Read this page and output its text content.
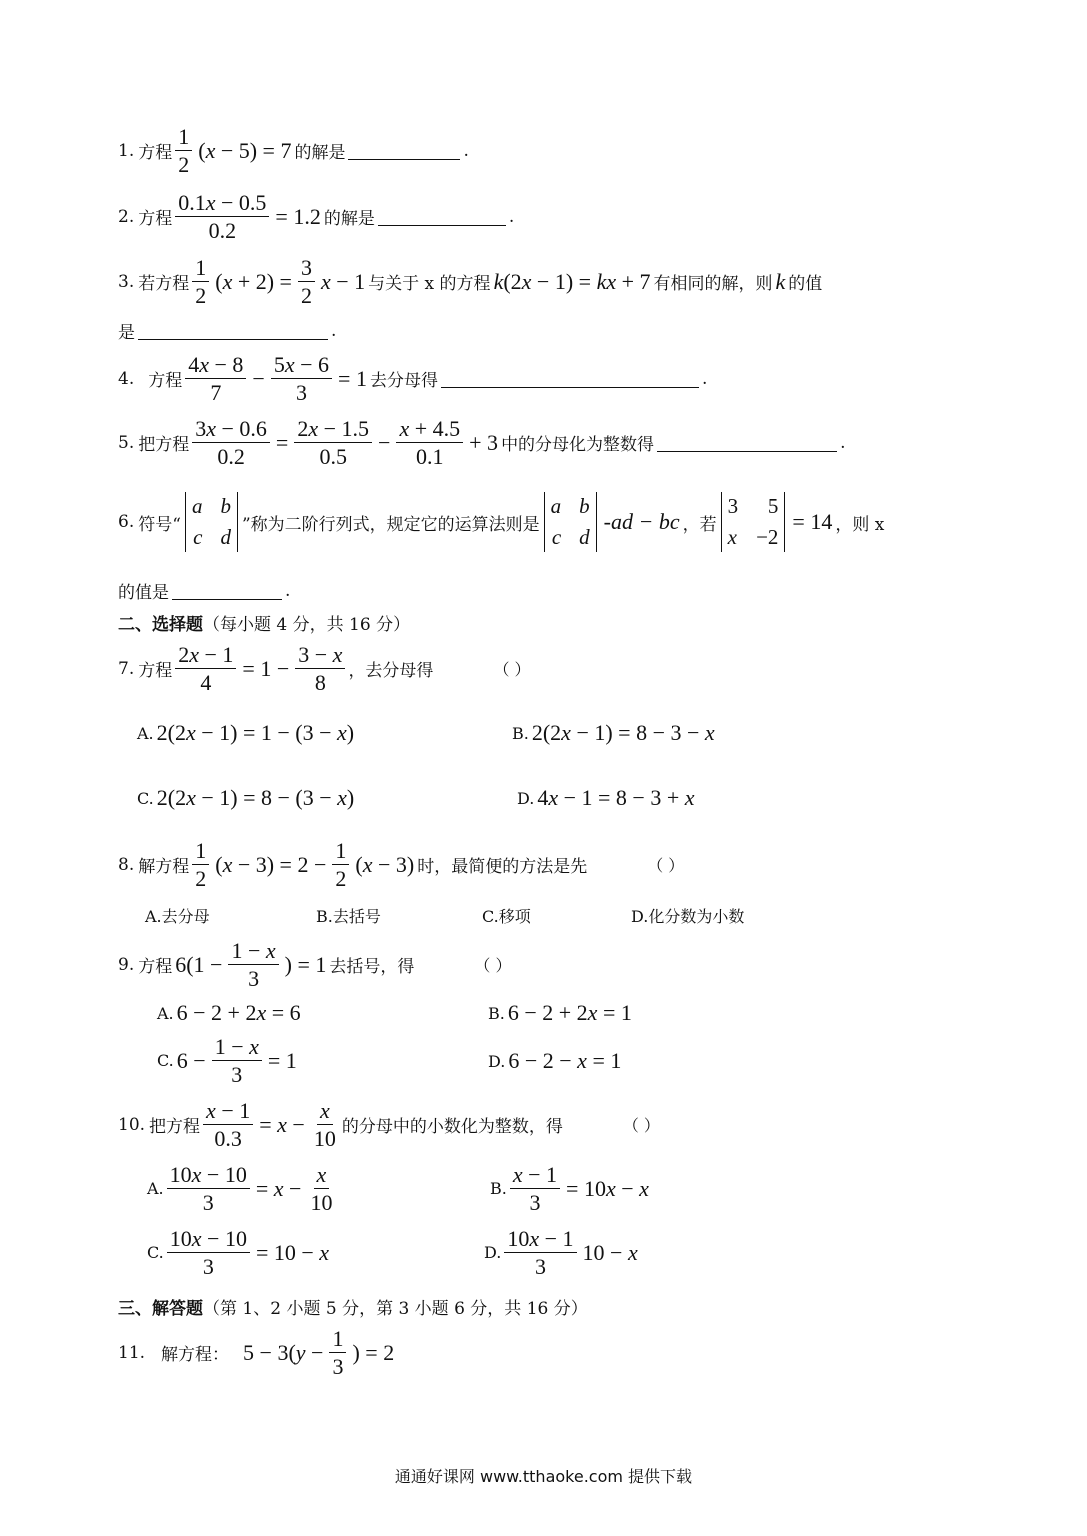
1. 方程 $\frac{1}{2} (x - 5) = 7$ 的解是	.
2. 方程 $\frac{0.1x - 0.5}{0.2} = 1.2$ 的解是	.
3. 若方程 $\frac{1}{2} (x + 2) = \frac{3}{2}$ x − 1 与关于 x 的方程 k(2x − 1) = kx + 7 有相同的解，则 k 的值
是	.
4. 方程 $\frac{4x - 8}{7} - \frac{5x - 6}{3} = 1$ 去分母得	.
5. 把方程 $\frac{3x - 0.6}{0.2} = \frac{2x - 1.5}{0.5} - \frac{x + 4.5}{0.1} + 3$ 中的分母化为整数得	.
6. 符号“
a b
c d
”称为二阶行列式，规定它的运算法则是
a b
c d
-ad − bc ，若
3	5
x −2
= 14 ，则 x
的值是	.
二、选择题（每小题 4 分，共 16 分）
7. 方程 $\frac{2x - 1}{4} = 1 - \frac{3 - x}{8}$ ，去分母得	（ ）
A. 2(2x − 1) = 1 − (3 − x)	B. 2(2x − 1) = 8 − 3 − x
C. 2(2x − 1) = 8 − (3 − x)	D. 4x − 1 = 8 − 3 + x
8. 解方程 $\frac{1}{2} (x - 3) = 2 - \frac{1}{2} (x - 3)$ 时，最简便的方法是先	（ ）
A.去分母	B.去括号	C.移项	D.化分数为小数
9. 方程 $6(1 - \frac{1 - x}{3}$ ) = 1 去括号，得	（ ）
A. 6 − 2 + 2x = 6	B. 6 − 2 + 2x = 1
C. $6 - \frac{1 - x}{3} = 1$	D. 6 − 2 − x = 1
10. 把方程 $\frac{x - 1}{0.3} = x - \frac{x}{10}$ 的分母中的小数化为整数，得	（ ）
A. $\frac{10x - 10}{3} = x - \frac{x}{10}$	B. $\frac{x - 1}{3} = 10x - x$
C. $\frac{10x - 10}{3} = 10 - x$	D. $\frac{10x - 1}{3} 10 - x$
三、解答题（第 1、2 小题 5 分，第 3 小题 6 分，共 16 分）
11. 解方程： $5 - 3(y - \frac{1}{3}$ ) = 2
通通好课网 www.tthaoke.com 提供下载
